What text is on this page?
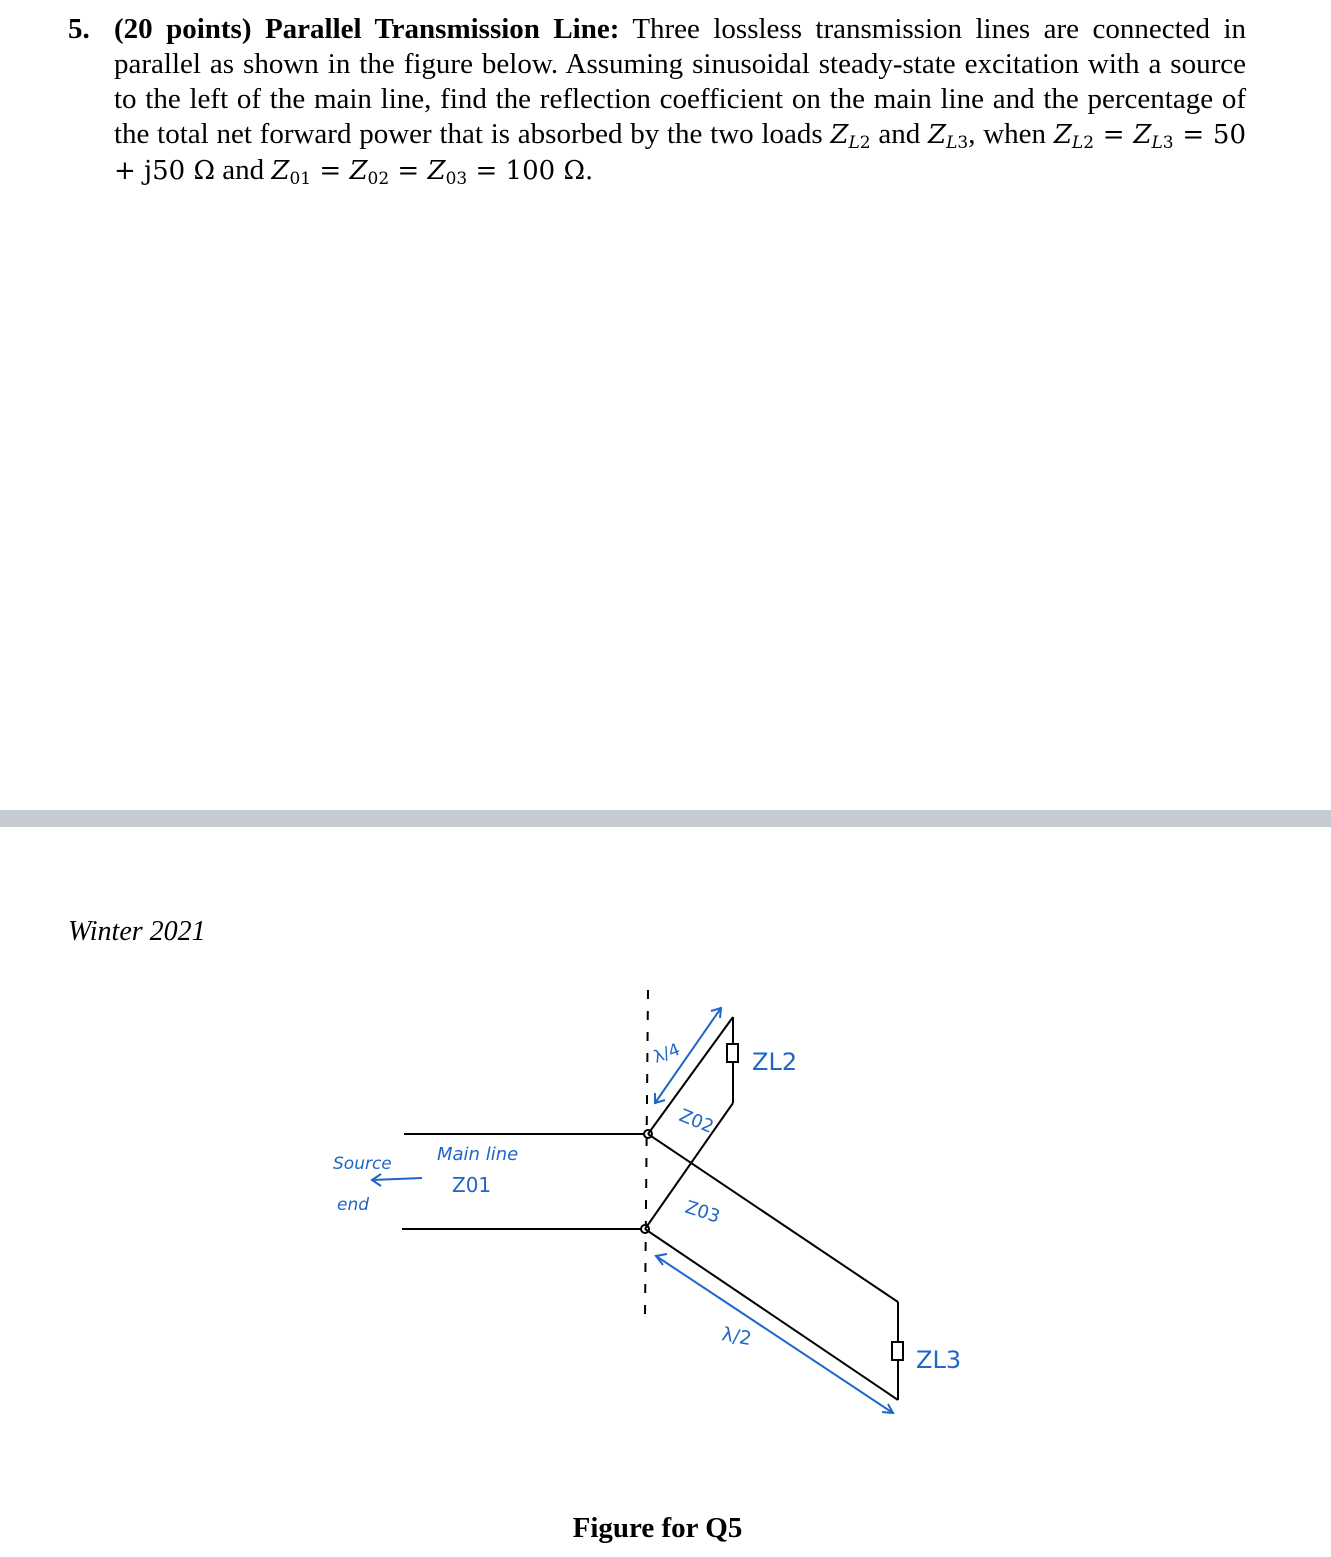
5. (20 points) Parallel Transmission Line: Three lossless transmission lines are connected in parallel as shown in the figure below. Assuming sinusoidal steady-state excitation with a source to the left of the main line, find the reflection coefficient on the main line and the percentage of the total net forward power that is absorbed by the two loads $Z_{L2}$ and $Z_{L3}$, when $Z_{L2} = Z_{L3} = 50 + j50$ Ω and $Z_{01} = Z_{02} = Z_{03} = 100$ Ω.
Winter 2021
Source
end
Main line
Z01
Z02
Z03
ZL2
ZL3
λ/4
λ/2
Figure for Q5
